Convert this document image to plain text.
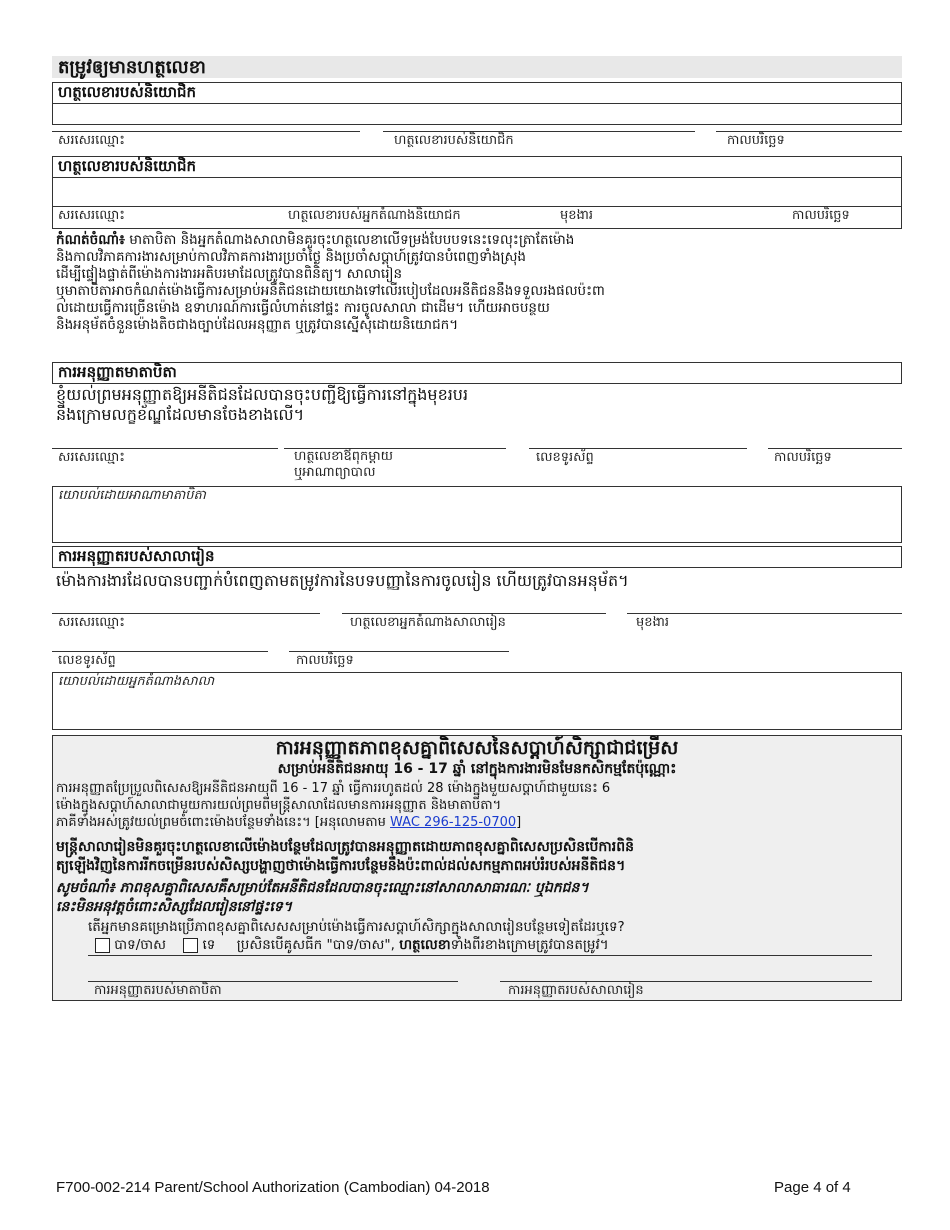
តម្រូវឲ្យមានហត្ថលេខា
ហត្ថលេខារបស់និយោជិក
សរសេរឈ្មោះ	ហត្ថលេខារបស់និយោជិក	កាលបរិច្ឆេទ
ហត្ថលេខារបស់និយោជិក
សរសេរឈ្មោះ	ហត្ថលេខារបស់អ្នកតំណាងនិយោជក	មុខងារ	កាលបរិច្ឆេទ
កំណត់ចំណាំ៖ មាតាបិតា និងអ្នកតំណាងសាលាមិនគួរចុះហត្ថលេខាលើទម្រង់បែបបទនេះទេលុះត្រាតែម៉ោង
និងកាលវិភាគការងារសម្រាប់កាលវិភាគការងារប្រចាំថ្ងៃ និងប្រចាំសប្ដាហ៍ត្រូវបានបំពេញទាំងស្រុង
ដើម្បីផ្ទៀងផ្ទាត់ពីម៉ោងការងារអតិបរមាដែលត្រូវបានពិនិត្យ។ សាលារៀន
ឬមាតាបិតាអាចកំណត់ម៉ោងធ្វើការសម្រាប់អនីតិជនដោយយោងទៅលើរបៀបដែលអនីតិជននឹងទទួលរងផលប៉ះពា
ល់ដោយធ្វើការច្រើនម៉ោង ឧទាហរណ៍ការធ្វើលំហាត់នៅផ្ទះ ការចូលសាលា ជាដើម។ ហើយអាចបន្ថយ
និងអនុម័តចំនួនម៉ោងតិចជាងច្បាប់ដែលអនុញ្ញាត ឬត្រូវបានស្នើសុំដោយនិយោជក។
ការអនុញ្ញាតមាតាបិតា
ខ្ញុំយល់ព្រមអនុញ្ញាតឱ្យអនីតិជនដែលបានចុះបញ្ជីឱ្យធ្វើការនៅក្នុងមុខរបរ
និងក្រោមលក្ខខ័ណ្ឌដែលមានចែងខាងលើ។
សរសេរឈ្មោះ	ហត្ថលេខាឪពុកម្ដាយ
ឬអាណាព្យាបាល
លេខទូរស័ព្ទ	កាលបរិច្ឆេទ
យោបល់ដោយអាណាមាតាបិតា
ការអនុញ្ញាតរបស់សាលារៀន
ម៉ោងការងារដែលបានបញ្ជាក់បំពេញតាមតម្រូវការនៃបទបញ្ញានៃការចូលរៀន ហើយត្រូវបានអនុម័ត។
សរសេរឈ្មោះ	ហត្ថលេខាអ្នកតំណាងសាលារៀន	មុខងារ
លេខទូរស័ព្ទ	កាលបរិច្ឆេទ
យោបល់ដោយអ្នកតំណាងសាលា
ការអនុញ្ញាតភាពខុសគ្នាពិសេសនៃសប្ដាហ៍សិក្សាជាជម្រើស
សម្រាប់អនីតិជនអាយុ 16 - 17 ឆ្នាំ នៅក្នុងការងារមិនមែនកសិកម្មតែប៉ុណ្ណោះ
ការអនុញ្ញាតប្រែប្រួលពិសេសឱ្យអនីតិជនអាយុពី 16 - 17 ឆ្នាំ ធ្វើការរហូតដល់ 28 ម៉ោងក្នុងមួយសប្ដាហ៍ជាមួយនេះ 6
ម៉ោងក្នុងសប្ដាហ៍សាលាជាមួយការយល់ព្រមពីមន្ត្រីសាលាដែលមានការអនុញ្ញាត និងមាតាបិតា។
ភាគីទាំងអស់ត្រូវយល់ព្រមចំពោះម៉ោងបន្ថែមទាំងនេះ។ [អនុលោមតាម WAC 296-125-0700]
មន្ត្រីសាលារៀនមិនគួរចុះហត្ថលេខាលើម៉ោងបន្ថែមដែលត្រូវបានអនុញ្ញាតដោយភាពខុសគ្នាពិសេសប្រសិនបើការពិនិ
ត្យឡើងវិញនៃការរីកចម្រើនរបស់សិស្សបង្ហាញថាម៉ោងធ្វើការបន្ថែមនឹងប៉ះពាល់ដល់សកម្មភាពអប់រំរបស់អនីតិជន។
សូមចំណាំ៖ ភាពខុសគ្នាពិសេសគឺសម្រាប់តែអនីតិជនដែលបានចុះឈ្មោះនៅសាលាសាធារណៈ ឬឯកជន។
នេះមិនអនុវត្តចំពោះសិស្សដែលរៀននៅផ្ទះទេ។
តើអ្នកមានគម្រោងប្រើភាពខុសគ្នាពិសេសសម្រាប់ម៉ោងធ្វើការសប្ដាហ៍សិក្សាក្នុងសាលារៀនបន្ថែមទៀតដែរឬទេ?
បាទ/ចាស	ទេ ប្រសិនបើគូសធីក "បាទ/ចាស", ហត្ថលេខាទាំងពីរខាងក្រោមត្រូវបានតម្រូវ។
ការអនុញ្ញាតរបស់មាតាបិតា	ការអនុញ្ញាតរបស់សាលារៀន
F700-002-214 Parent/School Authorization (Cambodian) 04-2018	Page 4 of 4
